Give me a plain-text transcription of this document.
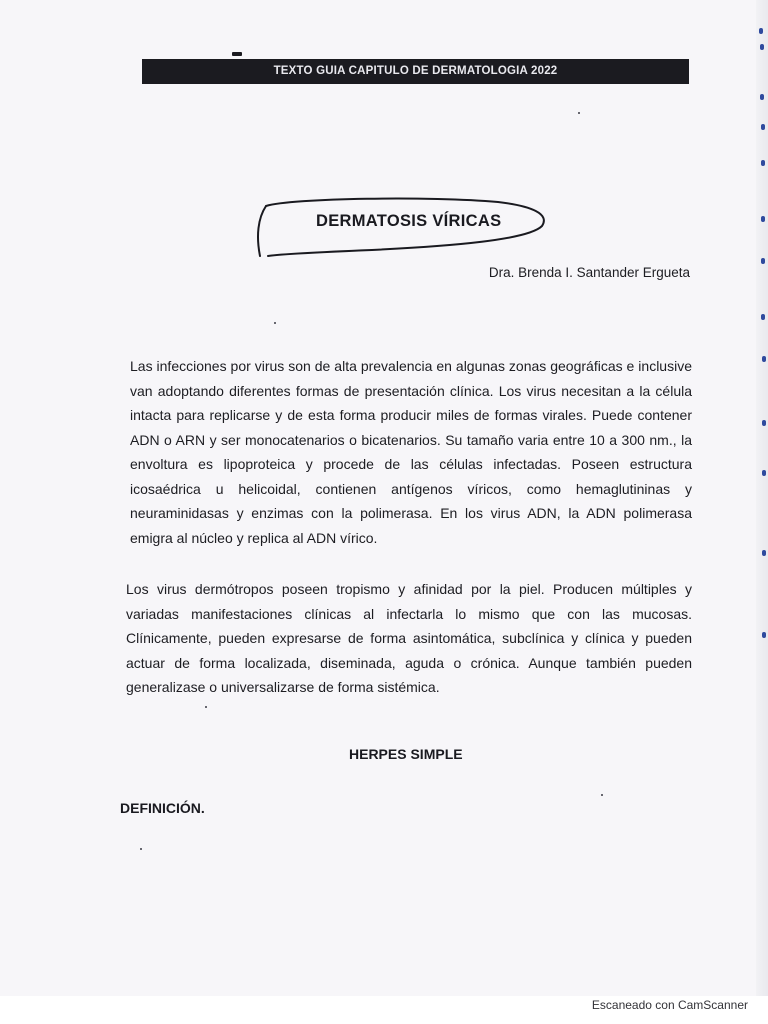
TEXTO GUIA CAPITULO DE DERMATOLOGIA 2022
DERMATOSIS VÍRICAS
Dra. Brenda I. Santander Ergueta

Las infecciones por virus son de alta prevalencia en algunas zonas geográficas e inclusive van adoptando diferentes formas de presentación clínica. Los virus necesitan a la célula intacta para replicarse y de esta forma producir miles de formas virales. Puede contener ADN o ARN y ser monocatenarios o bicatenarios. Su tamaño varia entre 10 a 300 nm., la envoltura es lipoproteica y procede de las células infectadas. Poseen estructura icosaédrica u helicoidal, contienen antígenos víricos, como hemaglutininas y neuraminidasas y enzimas con la polimerasa. En los virus ADN, la ADN polimerasa emigra al núcleo y replica al ADN vírico.

Los virus dermótropos poseen tropismo y afinidad por la piel. Producen múltiples y variadas manifestaciones clínicas al infectarla lo mismo que con las mucosas. Clínicamente, pueden expresarse de forma asintomática, subclínica y clínica y pueden actuar de forma localizada, diseminada, aguda o crónica. Aunque también pueden generalizase o universalizarse de forma sistémica.

HERPES SIMPLE
DEFINICIÓN.
Escaneado con CamScanner
